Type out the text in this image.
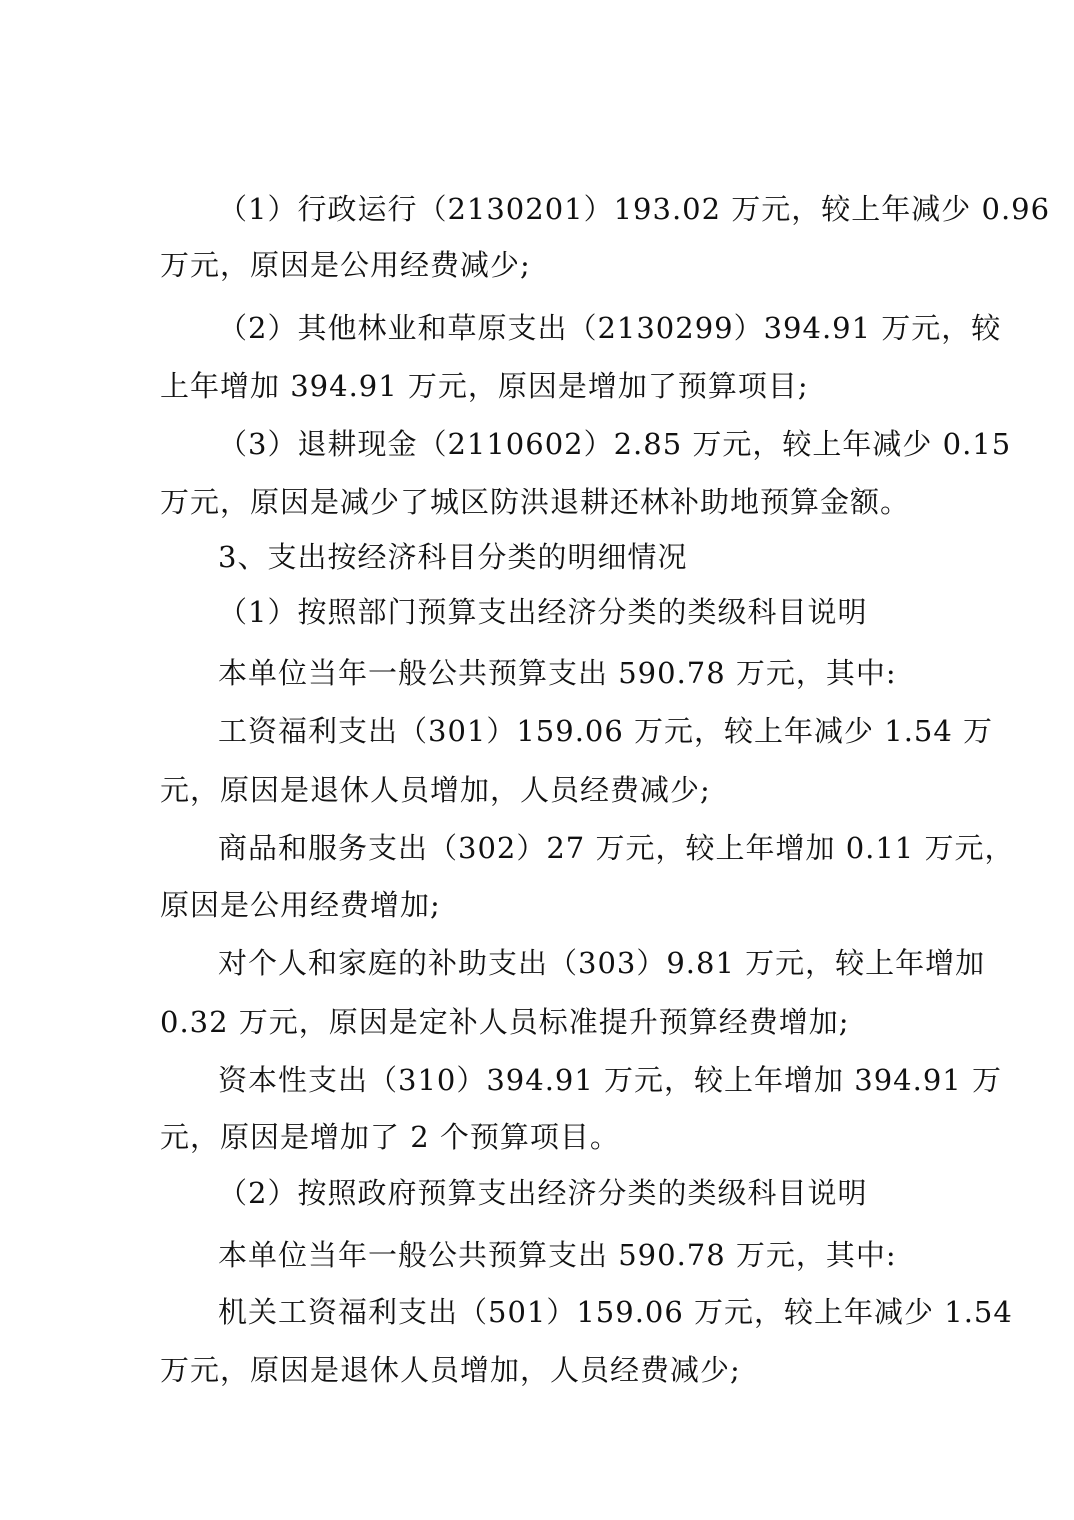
（1）行政运行（2130201）193.02 万元，较上年减少 0.96
万元，原因是公用经费减少;
（2）其他林业和草原支出（2130299）394.91 万元，较
上年增加 394.91 万元，原因是增加了预算项目;
（3）退耕现金（2110602）2.85 万元，较上年减少 0.15
万元，原因是减少了城区防洪退耕还林补助地预算金额。
3、支出按经济科目分类的明细情况
（1）按照部门预算支出经济分类的类级科目说明
本单位当年一般公共预算支出 590.78 万元，其中:
工资福利支出（301）159.06 万元，较上年减少 1.54 万
元，原因是退休人员增加，人员经费减少;
商品和服务支出（302）27 万元，较上年增加 0.11 万元，
原因是公用经费增加;
对个人和家庭的补助支出（303）9.81 万元，较上年增加
0.32 万元，原因是定补人员标准提升预算经费增加;
资本性支出（310）394.91 万元，较上年增加 394.91 万
元，原因是增加了 2 个预算项目。
（2）按照政府预算支出经济分类的类级科目说明
本单位当年一般公共预算支出 590.78 万元，其中:
机关工资福利支出（501）159.06 万元，较上年减少 1.54
万元，原因是退休人员增加，人员经费减少;
